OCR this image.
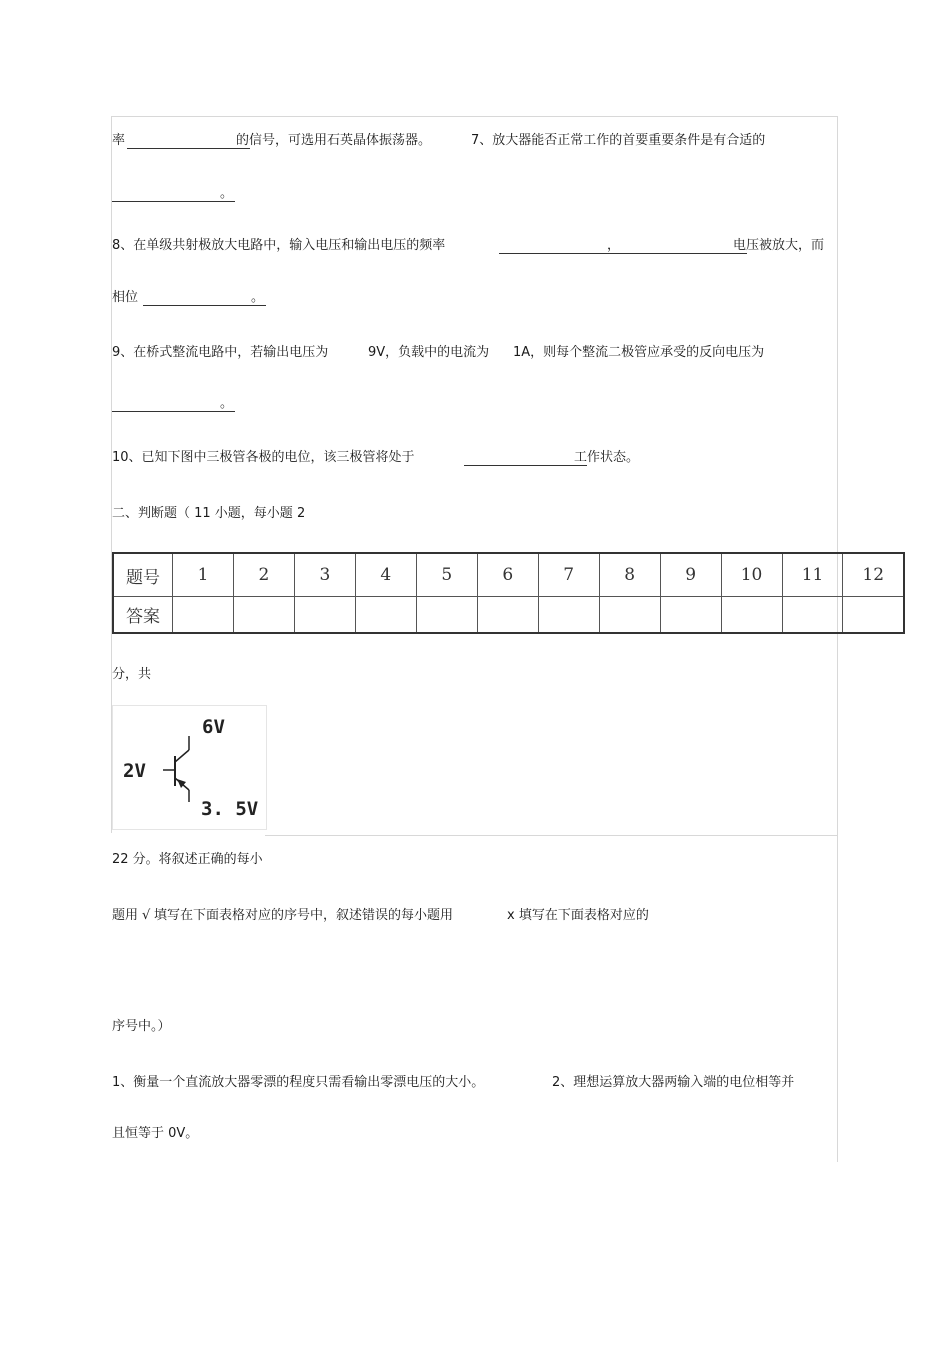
率	的信号，可选用石英晶体振荡器。	7、放大器能否正常工作的首要重要条件是有合适的
。
8、在单级共射极放大电路中，输入电压和输出电压的频率	，	电压被放大，而
相位	。
9、在桥式整流电路中，若输出电压为	9V，负载中的电流为 1A，则每个整流二极管应承受的反向电压为
。
10、已知下图中三极管各极的电位，该三极管将处于	工作状态。
二、判断题（ 11 小题，每小题 2
题号	1	2	3	4	5	6	7	8	9	10	11	12
答案												
分，共
6V
2V
3. 5V
22 分。将叙述正确的每小
题用 √ 填写在下面表格对应的序号中，叙述错误的每小题用	x 填写在下面表格对应的
序号中。）
1、衡量一个直流放大器零漂的程度只需看输出零漂电压的大小。	2、理想运算放大器两输入端的电位相等并
且恒等于 0V。
